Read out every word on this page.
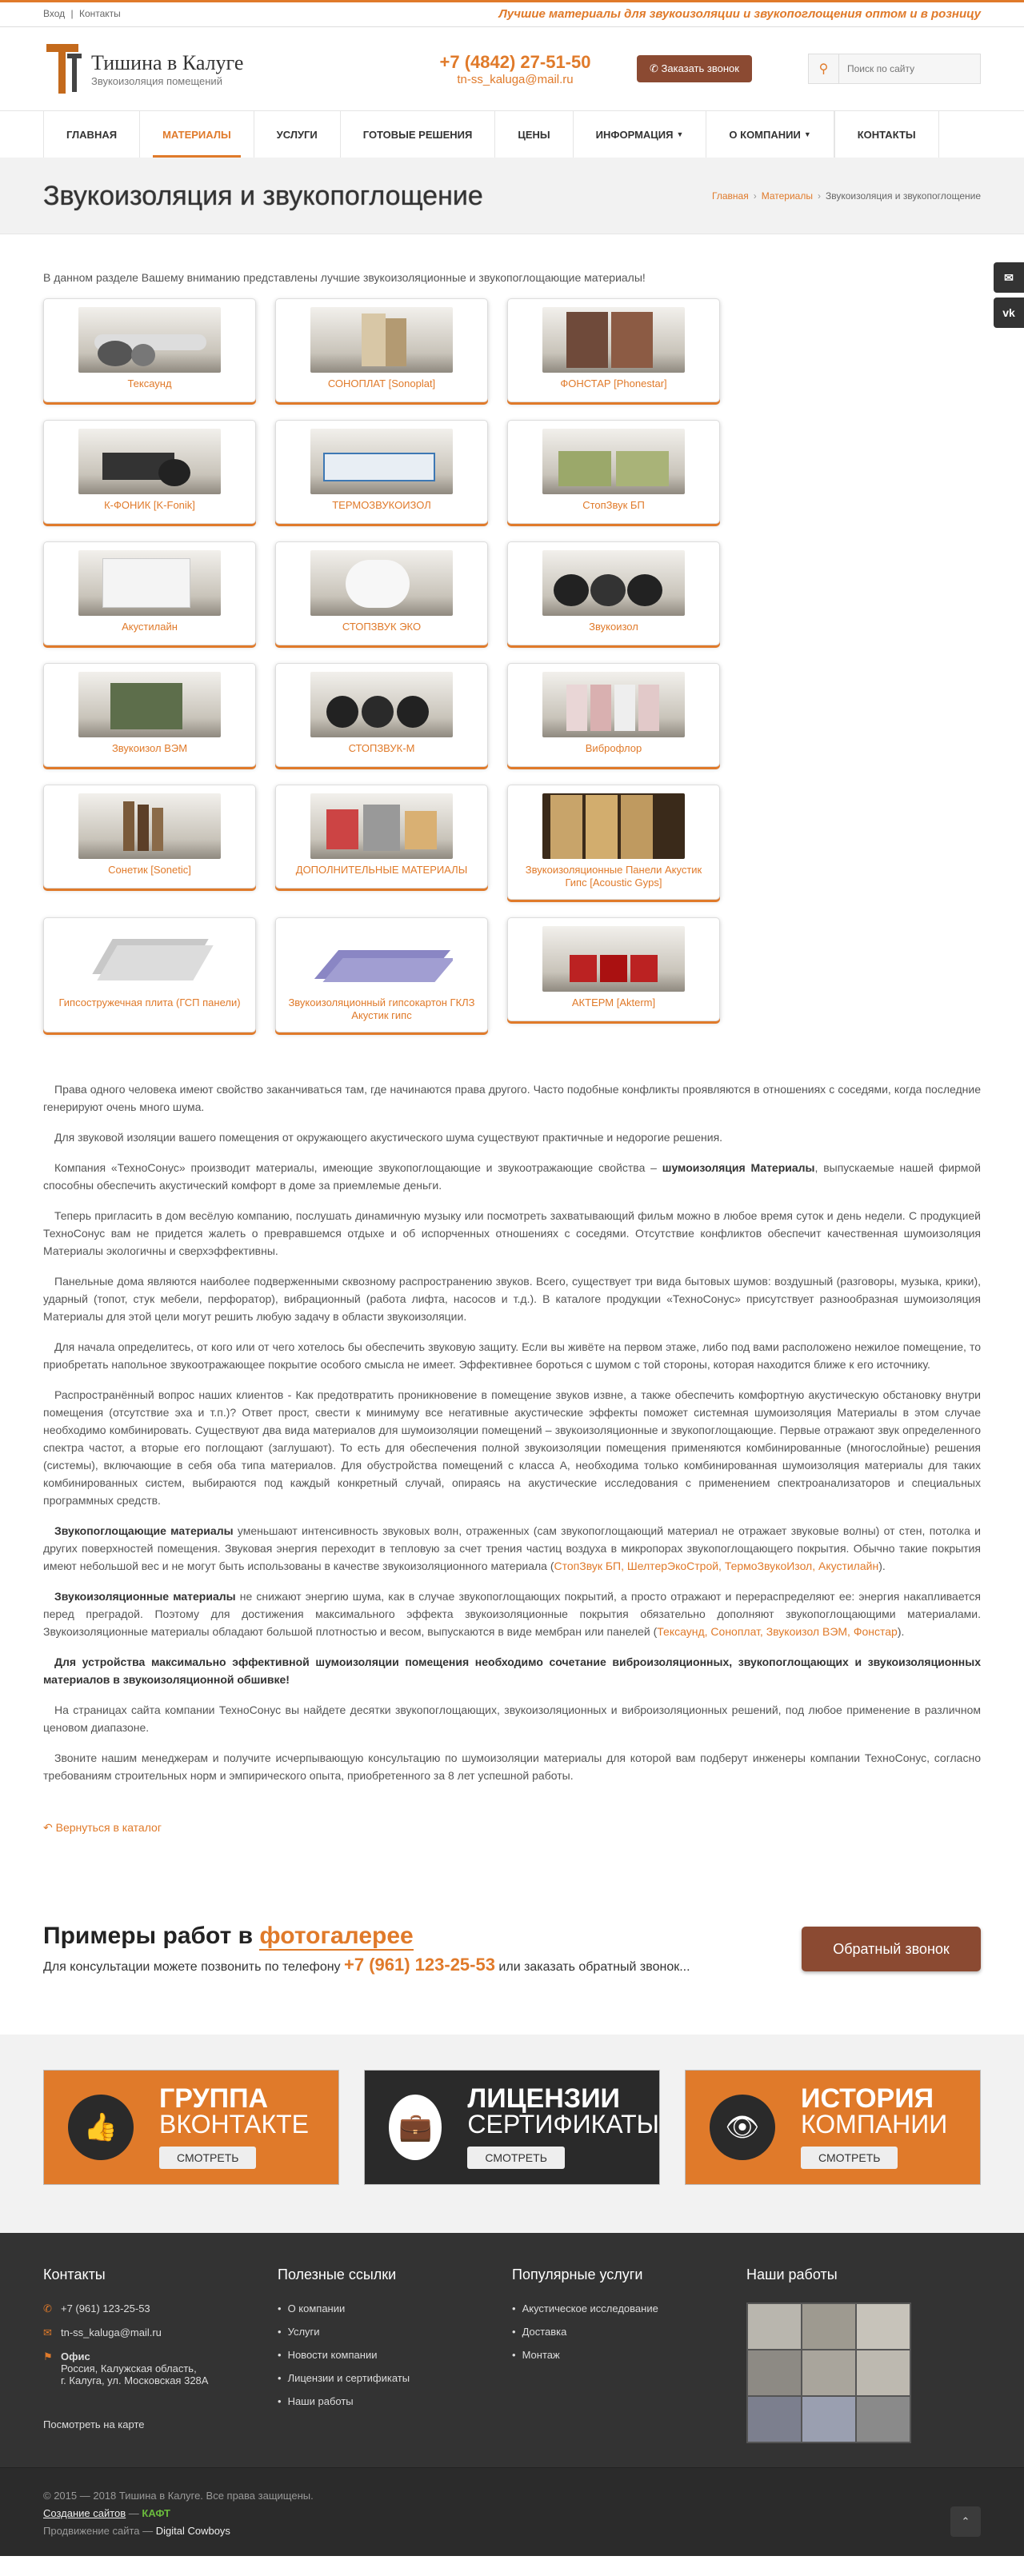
Вход | Контакты	Лучшие материалы для звукоизоляции и звукопоглощения оптом и в розницу
Тишина в Калуге
Звукоизоляция помещений
+7 (4842) 27-51-50
tn-ss_kaluga@mail.ru
✆ Заказать звонок	⚲
Поиск по сайту
ГЛАВНАЯ	МАТЕРИАЛЫ	УСЛУГИ	ГОТОВЫЕ РЕШЕНИЯ	ЦЕНЫ	ИНФОРМАЦИЯ ▼	О КОМПАНИИ ▼	КОНТАКТЫ
Звукоизоляция и звукопоглощение	Главная › Материалы › Звукоизоляция и звукопоглощение
✉
vk
В данном разделе Вашему вниманию представлены лучшие звукоизоляционные и звукопоглощающие материалы!
Тексаунд	СОНОПЛАТ [Sonoplat]	ФОНСТАР [Phonestar]
К-ФОНИК [K-Fonik]	ТЕРМОЗВУКОИЗОЛ	СтопЗвук БП
Акустилайн	СТОПЗВУК ЭКО	Звукоизол
Звукоизол ВЭМ	СТОПЗВУК-М	Виброфлор
Сонетик [Sonetic]	ДОПОЛНИТЕЛЬНЫЕ МАТЕРИАЛЫ	Звукоизоляционные Панели Акустик Гипс [Acoustic Gyps]
Гипсостружечная плита (ГСП панели)	Звукоизоляционный гипсокартон ГКЛЗ Акустик гипс
АКТЕРМ [Akterm]

Права одного человека имеют свойство заканчиваться там, где начинаются права другого. Часто подобные конфликты проявляются в отношениях с соседями, когда последние генерируют очень много шума.

Для звуковой изоляции вашего помещения от окружающего акустического шума существуют практичные и недорогие решения.

Компания «ТехноСонус» производит материалы, имеющие звукопоглощающие и звукоотражающие свойства – шумоизоляция Материалы, выпускаемые нашей фирмой способны обеспечить акустический комфорт в доме за приемлемые деньги.

Теперь пригласить в дом весёлую компанию, послушать динамичную музыку или посмотреть захватывающий фильм можно в любое время суток и день недели. С продукцией ТехноСонус вам не придется жалеть о превравшемся отдыхе и об испорченных отношениях с соседями. Отсутствие конфликтов обеспечит качественная шумоизоляция Материалы экологичны и сверхэффективны.

Панельные дома являются наиболее подверженными сквозному распространению звуков. Всего, существует три вида бытовых шумов: воздушный (разговоры, музыка, крики), ударный (топот, стук мебели, перфоратор), вибрационный (работа лифта, насосов и т.д.). В каталоге продукции «ТехноСонус» присутствует разнообразная шумоизоляция Материалы для этой цели могут решить любую задачу в области звукоизоляции.

Для начала определитесь, от кого или от чего хотелось бы обеспечить звуковую защиту. Если вы живёте на первом этаже, либо под вами расположено нежилое помещение, то приобретать напольное звукоотражающее покрытие особого смысла не имеет. Эффективнее бороться с шумом с той стороны, которая находится ближе к его источнику.

Распространённый вопрос наших клиентов - Как предотвратить проникновение в помещение звуков извне, а также обеспечить комфортную акустическую обстановку внутри помещения (отсутствие эха и т.п.)? Ответ прост, свести к минимуму все негативные акустические эффекты поможет системная шумоизоляция Материалы в этом случае необходимо комбинировать. Существуют два вида материалов для шумоизоляции помещений – звукоизоляционные и звукопоглощающие. Первые отражают звук определенного спектра частот, а вторые его поглощают (заглушают). То есть для обеспечения полной звукоизоляции помещения применяются комбинированные (многослойные) решения (системы), включающие в себя оба типа материалов. Для обустройства помещений с класса А, необходима только комбинированная шумоизоляция материалы для таких комбинированных систем, выбираются под каждый конкретный случай, опираясь на акустические исследования с применением спектроанализаторов и специальных программных средств.

Звукопоглощающие материалы уменьшают интенсивность звуковых волн, отраженных (сам звукопоглощающий материал не отражает звуковые волны) от стен, потолка и других поверхностей помещения. Звуковая энергия переходит в тепловую за счет трения частиц воздуха в микропорах звукопоглощающего покрытия. Обычно такие покрытия имеют небольшой вес и не могут быть использованы в качестве звукоизоляционного материала (СтопЗвук БП, ШелтерЭкоСтрой, ТермоЗвукоИзол, Акустилайн).

Звукоизоляционные материалы не снижают энергию шума, как в случае звукопоглощающих покрытий, а просто отражают и перераспределяют ее: энергия накапливается перед преградой. Поэтому для достижения максимального эффекта звукоизоляционные покрытия обязательно дополняют звукопоглощающими материалами. Звукоизоляционные материалы обладают большой плотностью и весом, выпускаются в виде мембран или панелей (Тексаунд, Соноплат, Звукоизол ВЭМ, Фонстар).

Для устройства максимально эффективной шумоизоляции помещения необходимо сочетание виброизоляционных, звукопоглощающих и звукоизоляционных материалов в звукоизоляционной обшивке!

На страницах сайта компании ТехноСонус вы найдете десятки звукопоглощающих, звукоизоляционных и виброизоляционных решений, под любое применение в различном ценовом диапазоне.

Звоните нашим менеджерам и получите исчерпывающую консультацию по шумоизоляции материалы для которой вам подберут инженеры компании ТехноСонус, согласно требованиям строительных норм и эмпирического опыта, приобретенного за 8 лет успешной работы.

↶ Вернуться в каталог
Примеры работ в фотогалерее
Для консультации можете позвонить по телефону +7 (961) 123-25-53 или заказать обратный звонок...
Обратный звонок
👍
ГРУППА
ВКОНТАКТЕ
СМОТРЕТЬ
💼
ЛИЦЕНЗИИ
СЕРТИФИКАТЫ
СМОТРЕТЬ
👁
ИСТОРИЯ
КОМПАНИИ
СМОТРЕТЬ
Контакты
✆ +7 (961) 123-25-53
✉ tn-ss_kaluga@mail.ru
⚑ Офис
Россия, Калужская область,
г. Калуга, ул. Московская 328А
Посмотреть на карте
Полезные ссылки
• О компании
• Услуги
• Новости компании
• Лицензии и сертификаты
• Наши работы
Популярные услуги
• Акустическое исследование
• Доставка
• Монтаж
Наши работы
© 2015 — 2018 Тишина в Калуге. Все права защищены.
Создание сайтов — КАФТ
Продвижение сайта — Digital Cowboys
⌃
